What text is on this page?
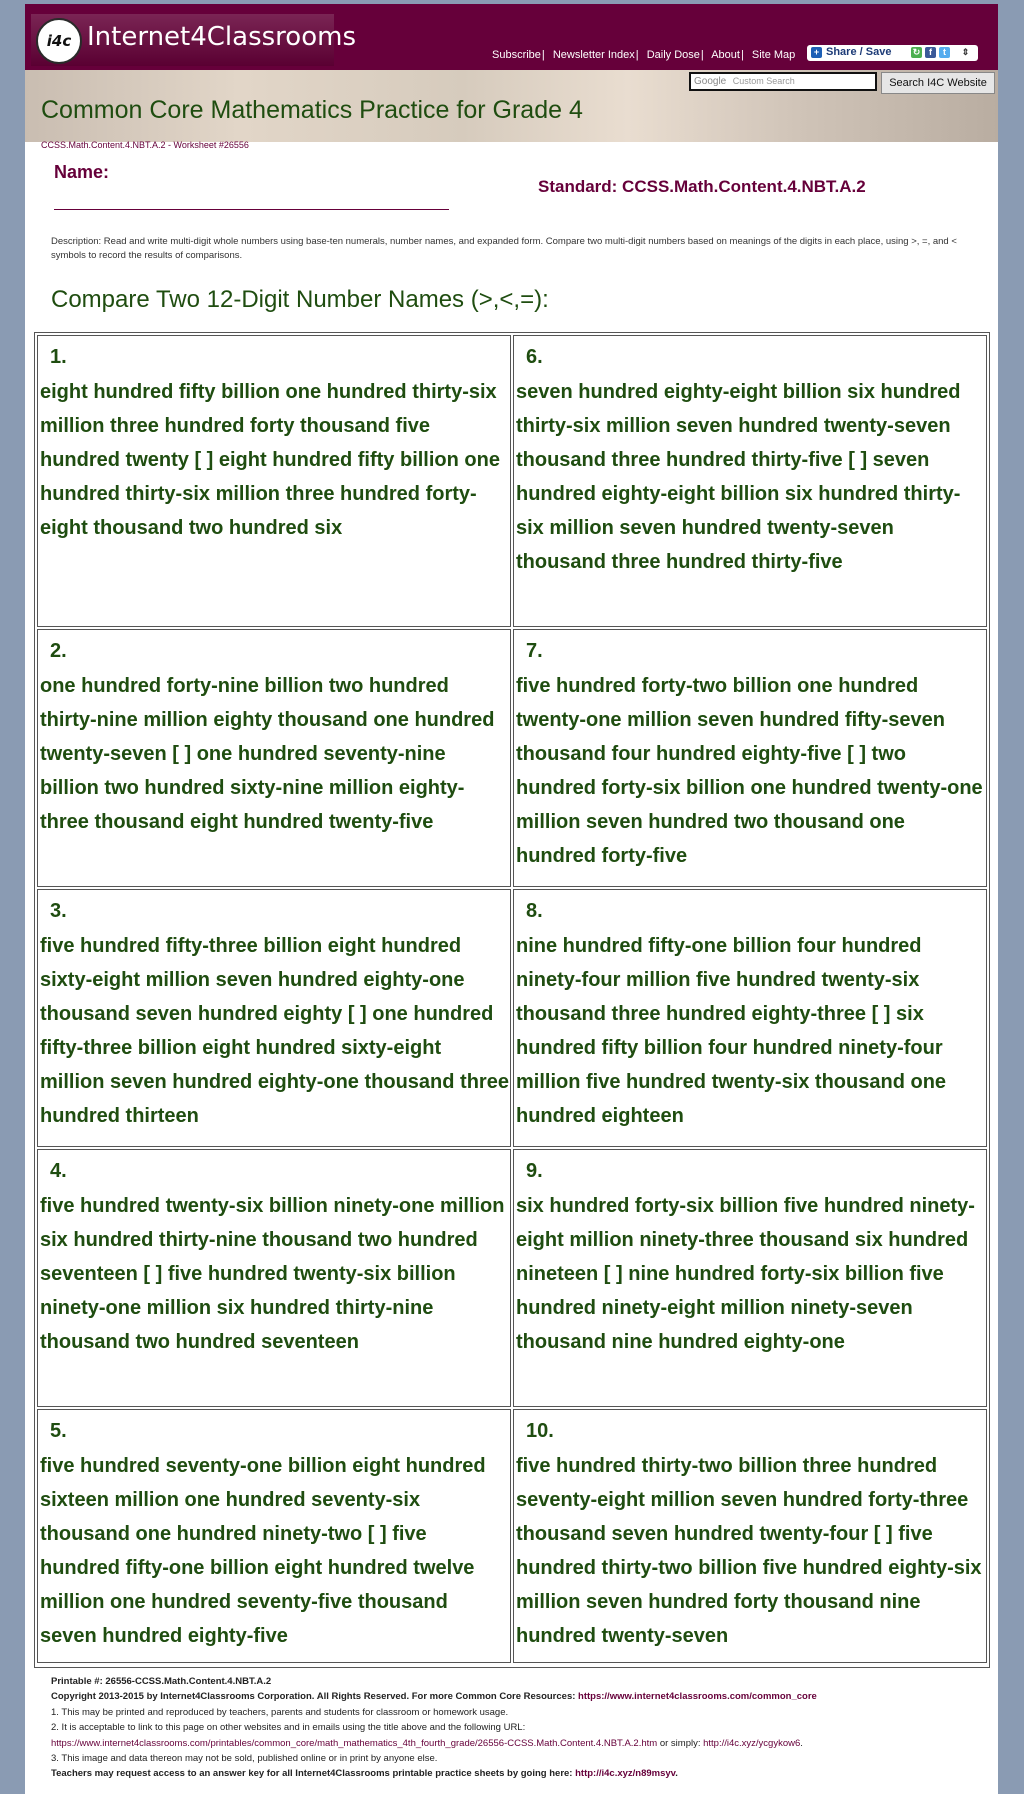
i4c Internet4Classrooms
Subscribe| Newsletter Index| Daily Dose| About| Site Map	+ Share / Save ↻ f	t	⇕
Common Core Mathematics Practice for Grade 4
Google Custom Search	Search I4C Website
CCSS.Math.Content.4.NBT.A.2 - Worksheet #26556
Name:
Standard: CCSS.Math.Content.4.NBT.A.2
Description: Read and write multi-digit whole numbers using base-ten numerals, number names, and expanded form. Compare two multi-digit numbers based on meanings of the digits in each place, using >, =, and < symbols to record the results of comparisons.
Compare Two 12-Digit Number Names (>,<,=):
1.
eight hundred fifty billion one hundred thirty-six million three hundred forty thousand five hundred twenty [ ] eight hundred fifty billion one hundred thirty-six million three hundred forty-eight thousand two hundred six
6.
seven hundred eighty-eight billion six hundred thirty-six million seven hundred twenty-seven thousand three hundred thirty-five [ ] seven hundred eighty-eight billion six hundred thirty-six million seven hundred twenty-seven thousand three hundred thirty-five
2.
one hundred forty-nine billion two hundred thirty-nine million eighty thousand one hundred twenty-seven [ ] one hundred seventy-nine billion two hundred sixty-nine million eighty-three thousand eight hundred twenty-five
7.
five hundred forty-two billion one hundred twenty-one million seven hundred fifty-seven thousand four hundred eighty-five [ ] two hundred forty-six billion one hundred twenty-one million seven hundred two thousand one hundred forty-five
3.
five hundred fifty-three billion eight hundred sixty-eight million seven hundred eighty-one thousand seven hundred eighty [ ] one hundred fifty-three billion eight hundred sixty-eight million seven hundred eighty-one thousand three hundred thirteen
8.
nine hundred fifty-one billion four hundred ninety-four million five hundred twenty-six thousand three hundred eighty-three [ ] six hundred fifty billion four hundred ninety-four million five hundred twenty-six thousand one hundred eighteen
4.
five hundred twenty-six billion ninety-one million six hundred thirty-nine thousand two hundred seventeen [ ] five hundred twenty-six billion ninety-one million six hundred thirty-nine thousand two hundred seventeen
9.
six hundred forty-six billion five hundred ninety-eight million ninety-three thousand six hundred nineteen [ ] nine hundred forty-six billion five hundred ninety-eight million ninety-seven thousand nine hundred eighty-one
5.
five hundred seventy-one billion eight hundred sixteen million one hundred seventy-six thousand one hundred ninety-two [ ] five hundred fifty-one billion eight hundred twelve million one hundred seventy-five thousand seven hundred eighty-five
10.
five hundred thirty-two billion three hundred seventy-eight million seven hundred forty-three thousand seven hundred twenty-four [ ] five hundred thirty-two billion five hundred eighty-six million seven hundred forty thousand nine hundred twenty-seven
Printable #: 26556-CCSS.Math.Content.4.NBT.A.2
Copyright 2013-2015 by Internet4Classrooms Corporation. All Rights Reserved. For more Common Core Resources: https://www.internet4classrooms.com/common_core
1. This may be printed and reproduced by teachers, parents and students for classroom or homework usage.
2. It is acceptable to link to this page on other websites and in emails using the title above and the following URL:
https://www.internet4classrooms.com/printables/common_core/math_mathematics_4th_fourth_grade/26556-CCSS.Math.Content.4.NBT.A.2.htm or simply: http://i4c.xyz/ycgykow6.
3. This image and data thereon may not be sold, published online or in print by anyone else.
Teachers may request access to an answer key for all Internet4Classrooms printable practice sheets by going here: http://i4c.xyz/n89msyv.
